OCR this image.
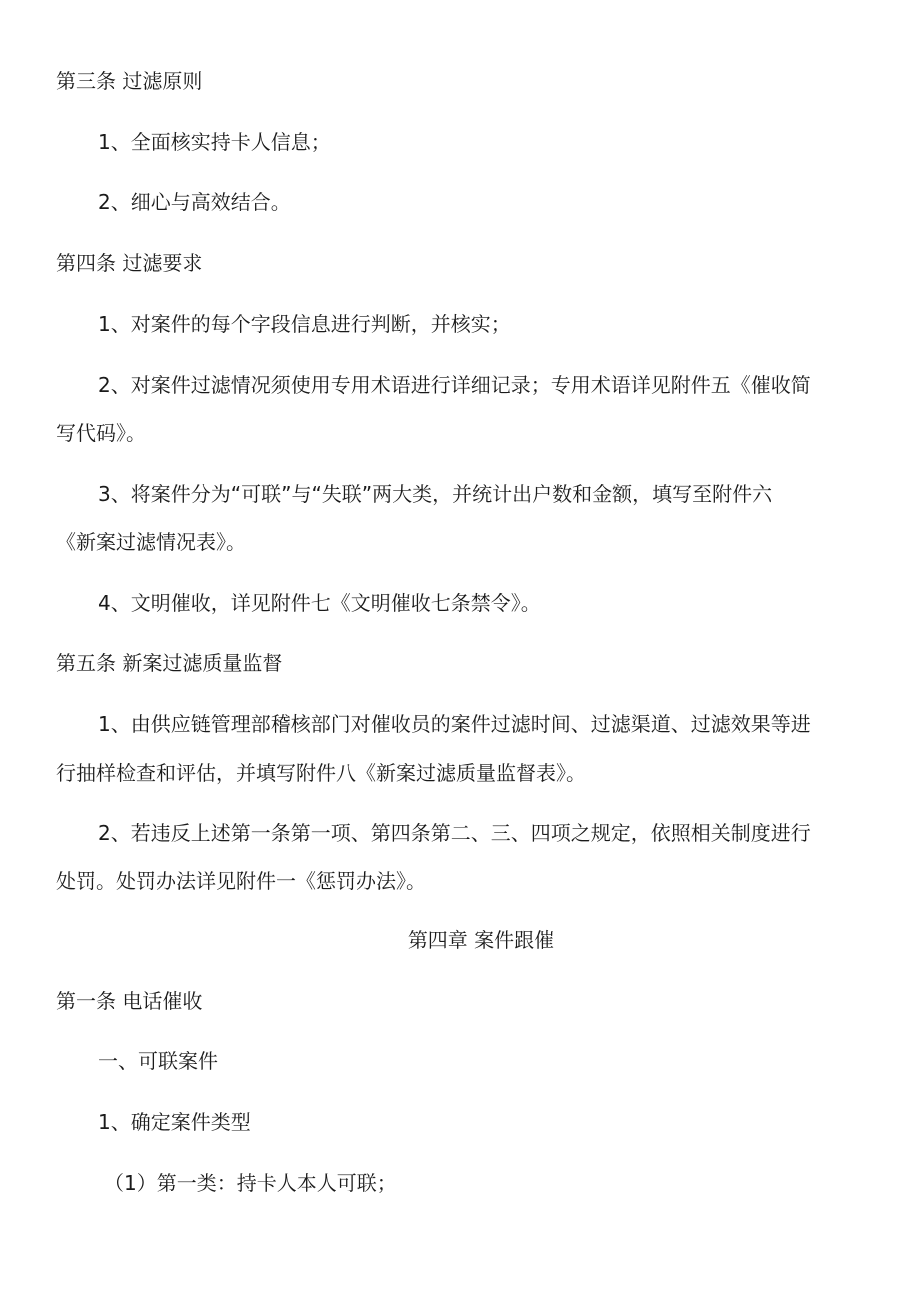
第三条 过滤原则
1、全面核实持卡人信息；
2、细心与高效结合。
第四条 过滤要求
1、对案件的每个字段信息进行判断，并核实；
2、对案件过滤情况须使用专用术语进行详细记录；专用术语详见附件五《催收简
写代码》。
3、将案件分为“可联”与“失联”两大类，并统计出户数和金额，填写至附件六
《新案过滤情况表》。
4、文明催收，详见附件七《文明催收七条禁令》。
第五条 新案过滤质量监督
1、由供应链管理部稽核部门对催收员的案件过滤时间、过滤渠道、过滤效果等进
行抽样检查和评估，并填写附件八《新案过滤质量监督表》。
2、若违反上述第一条第一项、第四条第二、三、四项之规定，依照相关制度进行
处罚。处罚办法详见附件一《惩罚办法》。
第四章 案件跟催
第一条 电话催收
一、可联案件
1、确定案件类型
（1）第一类：持卡人本人可联；
